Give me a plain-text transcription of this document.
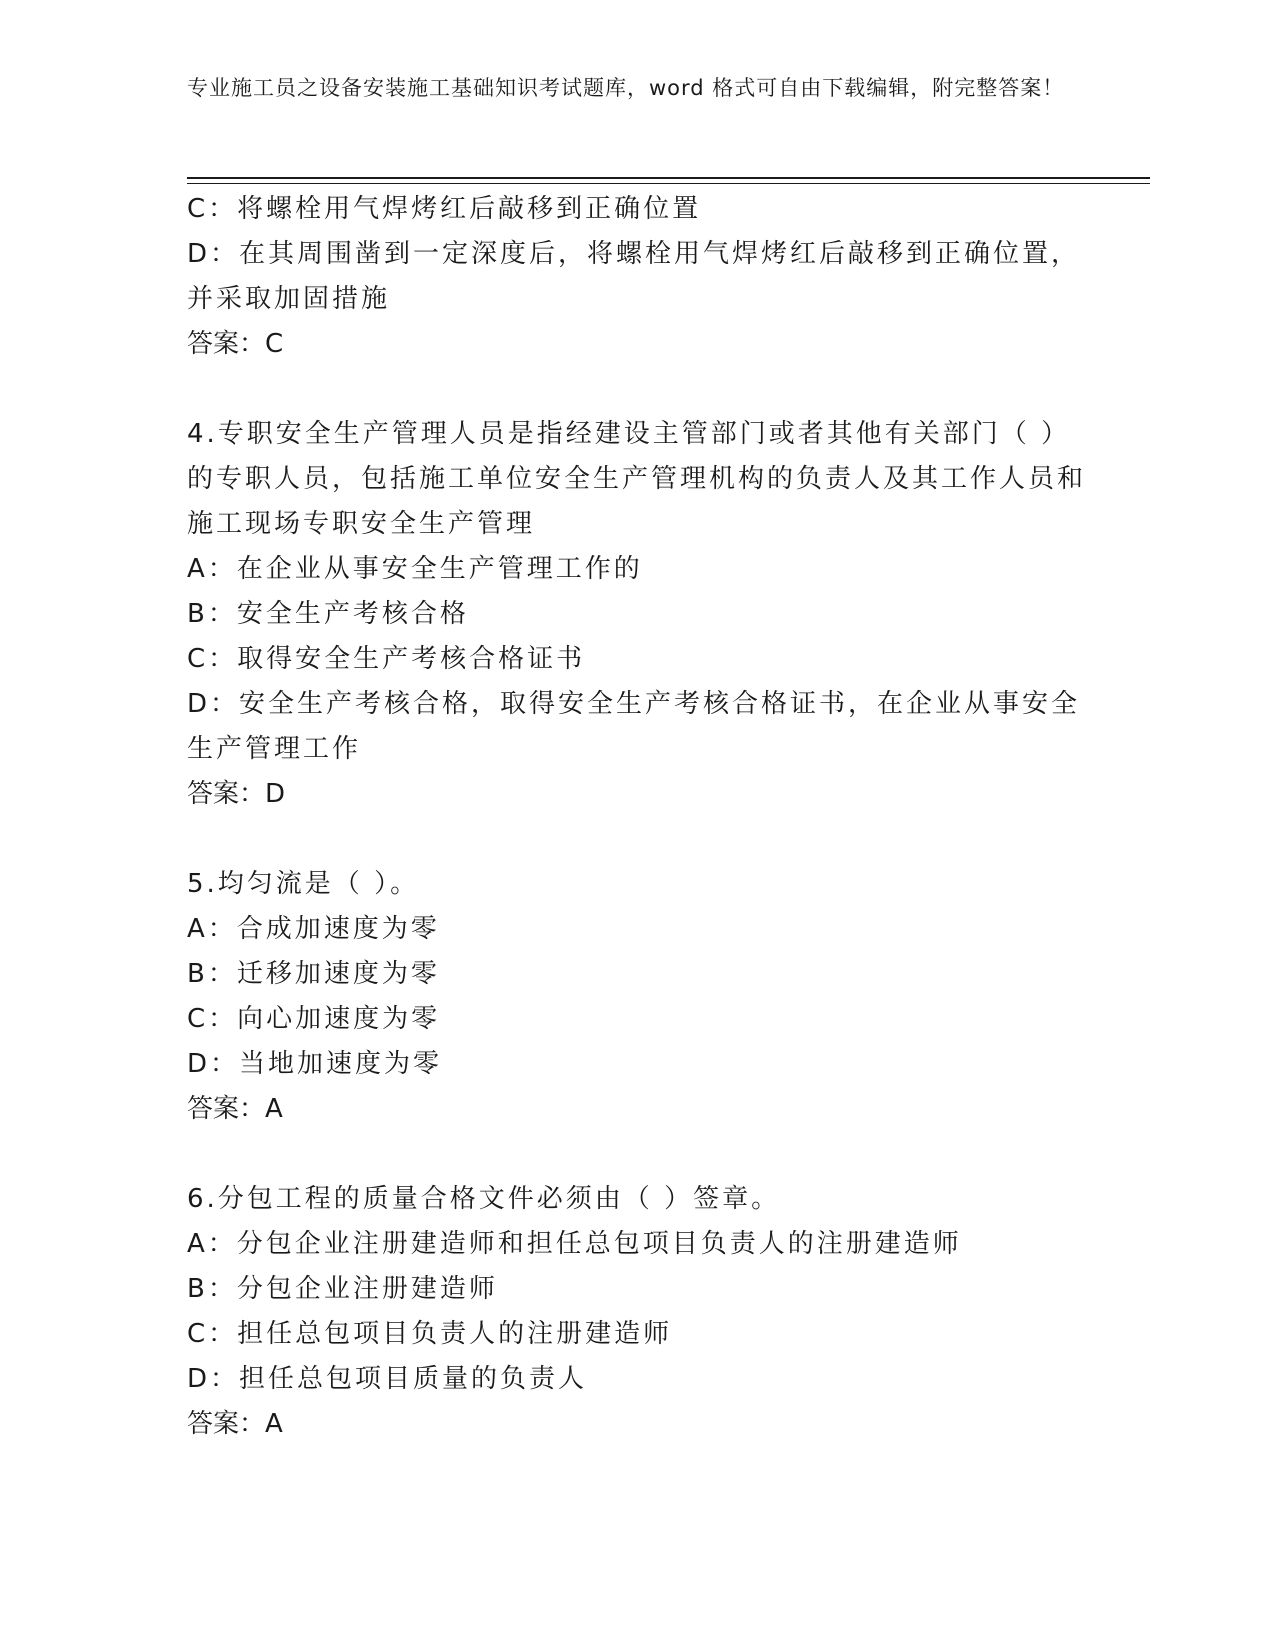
专业施工员之设备安装施工基础知识考试题库，word 格式可自由下载编辑，附完整答案！
C：将螺栓用气焊烤红后敲移到正确位置
D：在其周围凿到一定深度后，将螺栓用气焊烤红后敲移到正确位置，并采取加固措施
答案：C
4.专职安全生产管理人员是指经建设主管部门或者其他有关部门（ ）的专职人员，包括施工单位安全生产管理机构的负责人及其工作人员和施工现场专职安全生产管理
A：在企业从事安全生产管理工作的
B：安全生产考核合格
C：取得安全生产考核合格证书
D：安全生产考核合格，取得安全生产考核合格证书，在企业从事安全生产管理工作
答案：D
5.均匀流是（ ）。
A：合成加速度为零
B：迁移加速度为零
C：向心加速度为零
D：当地加速度为零
答案：A
6.分包工程的质量合格文件必须由（ ）签章。
A：分包企业注册建造师和担任总包项目负责人的注册建造师
B：分包企业注册建造师
C：担任总包项目负责人的注册建造师
D：担任总包项目质量的负责人
答案：A
